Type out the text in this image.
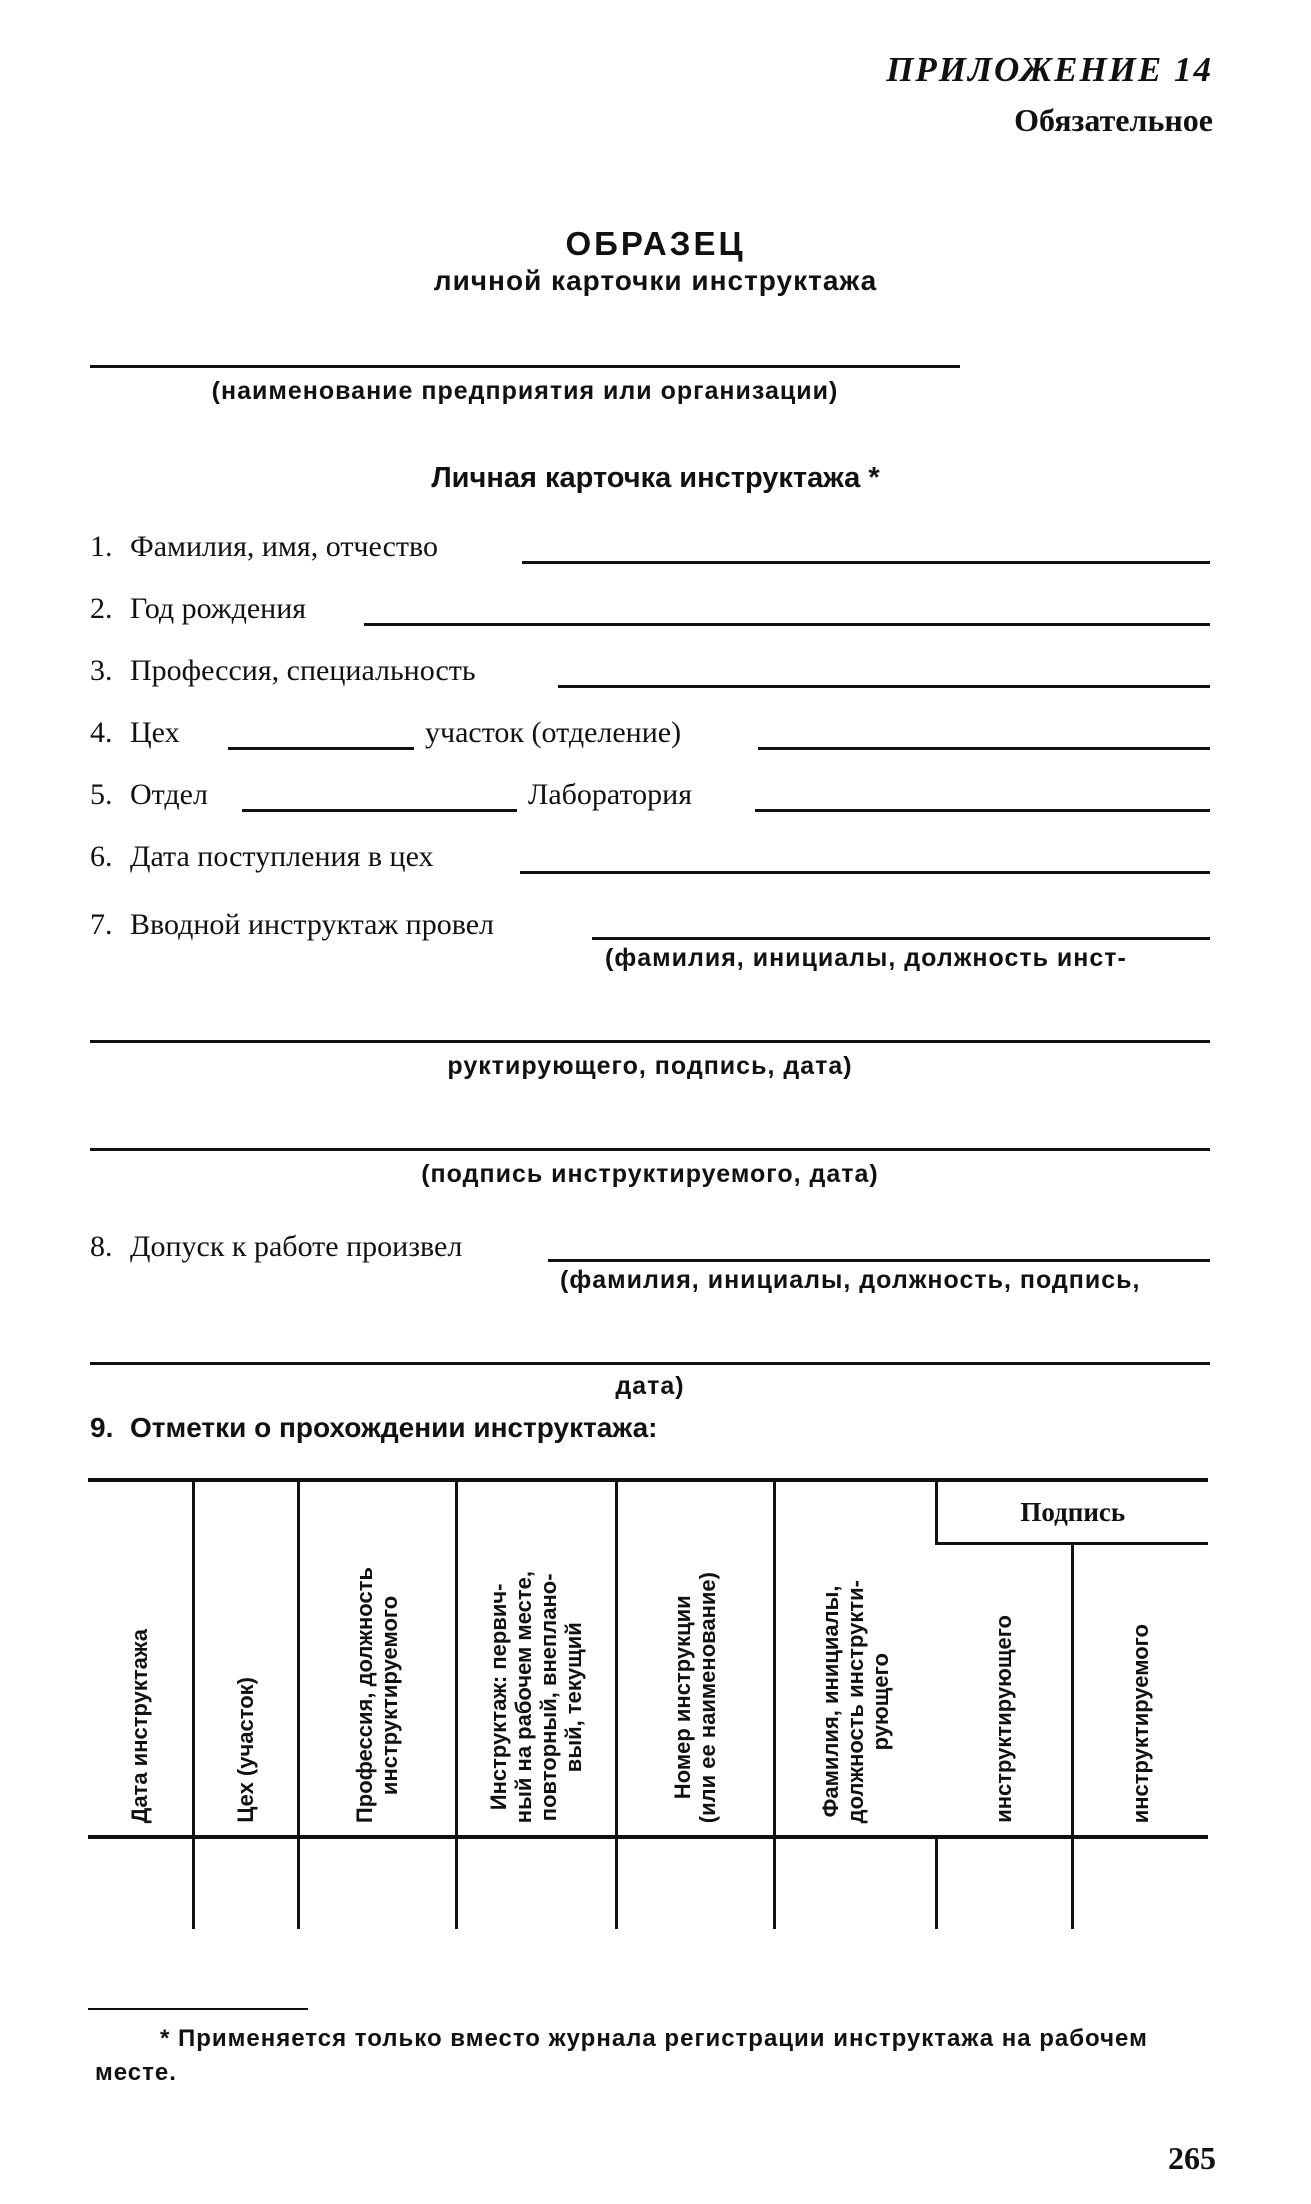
ПРИЛОЖЕНИЕ 14
Обязательное
ОБРАЗЕЦ
личной карточки инструктажа
(наименование предприятия или организации)
Личная карточка инструктажа *
1. Фамилия, имя, отчество
2. Год рождения
3. Профессия, специальность
4. Цех	участок (отделение)
5. Отдел	Лаборатория
6. Дата поступления в цех
7. Вводной инструктаж провел
(фамилия, инициалы, должность инст-
руктирующего, подпись, дата)
(подпись инструктируемого, дата)
8. Допуск к работе произвел
(фамилия, инициалы, должность, подпись,
дата)
9. Отметки о прохождении инструктажа:
Дата инструктажа	Цех (участок)	Профессия, должность
инструктируемого	Инструктаж: первич-
ный на рабочем месте,
повторный, внеплано-
вый, текущий	Номер инструкции
(или ее наименование)	Фамилия, инициалы,
должность инструкти-
рующего	Подпись	

						инструктирующего	инструктируемого

* Применяется только вместо журнала регистрации инструктажа на рабочем месте.
265
